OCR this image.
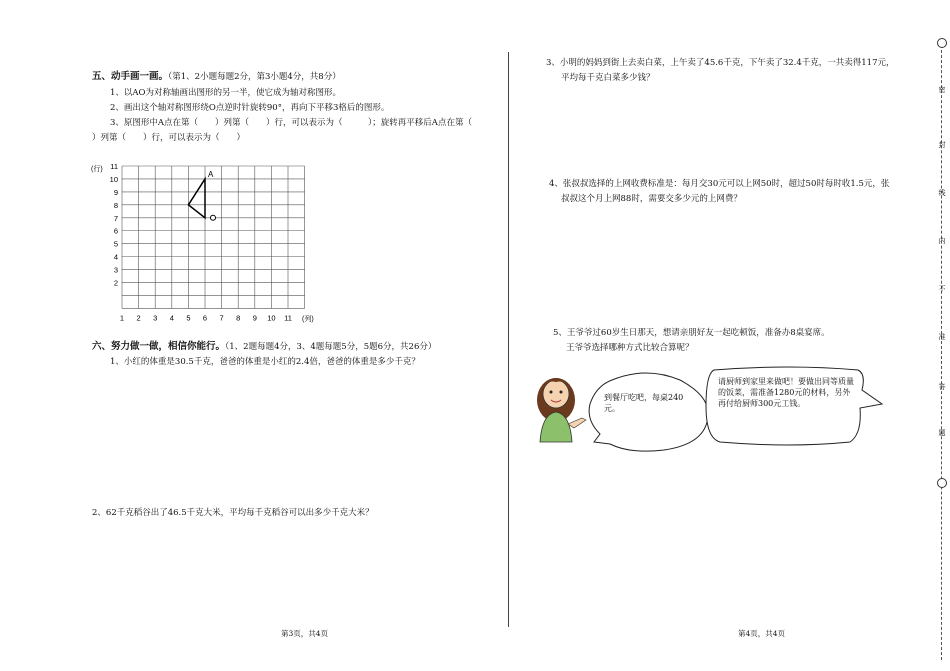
五、动手画一画。（第1、2小题每题2分，第3小题4分，共8分）
1、以AO为对称轴画出图形的另一半，使它成为轴对称图形。
2、画出这个轴对称图形绕O点逆时针旋转90°，再向下平移3格后的图形。
3、原图形中A点在第（　　）列第（　　）行，可以表示为（　　　）；旋转再平移后A点在第（
）列第（　　）行，可以表示为（　　）
(行)
(列)
11
10
9
8
7
6
5
4
3
2
1 2 3 4 5 6 7 8 9 10 11
A
六、努力做一做，相信你能行。（1、2题每题4分，3、4题每题5分，5题6分，共26分）
1、小红的体重是30.5千克，爸爸的体重是小红的2.4倍，爸爸的体重是多少千克？
2、62千克稻谷出了46.5千克大米，平均每千克稻谷可以出多少千克大米？
第3页，共4页
3、小明的妈妈到街上去卖白菜，上午卖了45.6千克，下午卖了32.4千克，一共卖得117元，
平均每千克白菜多少钱？
4、张叔叔选择的上网收费标准是：每月交30元可以上网50时，超过50时每时收1.5元，张
叔叔这个月上网88时，需要交多少元的上网费？
5、王爷爷过60岁生日那天，想请亲朋好友一起吃顿饭，准备办8桌宴席。
王爷爷选择哪种方式比较合算呢？
到餐厅吃吧，每桌240元。
请厨师到家里来做吧！要做出同等质量的饭菜，需准备1280元的材料，另外再付给厨师300元工钱。
第4页，共4页
密
封
线
内
不
准
答
题
